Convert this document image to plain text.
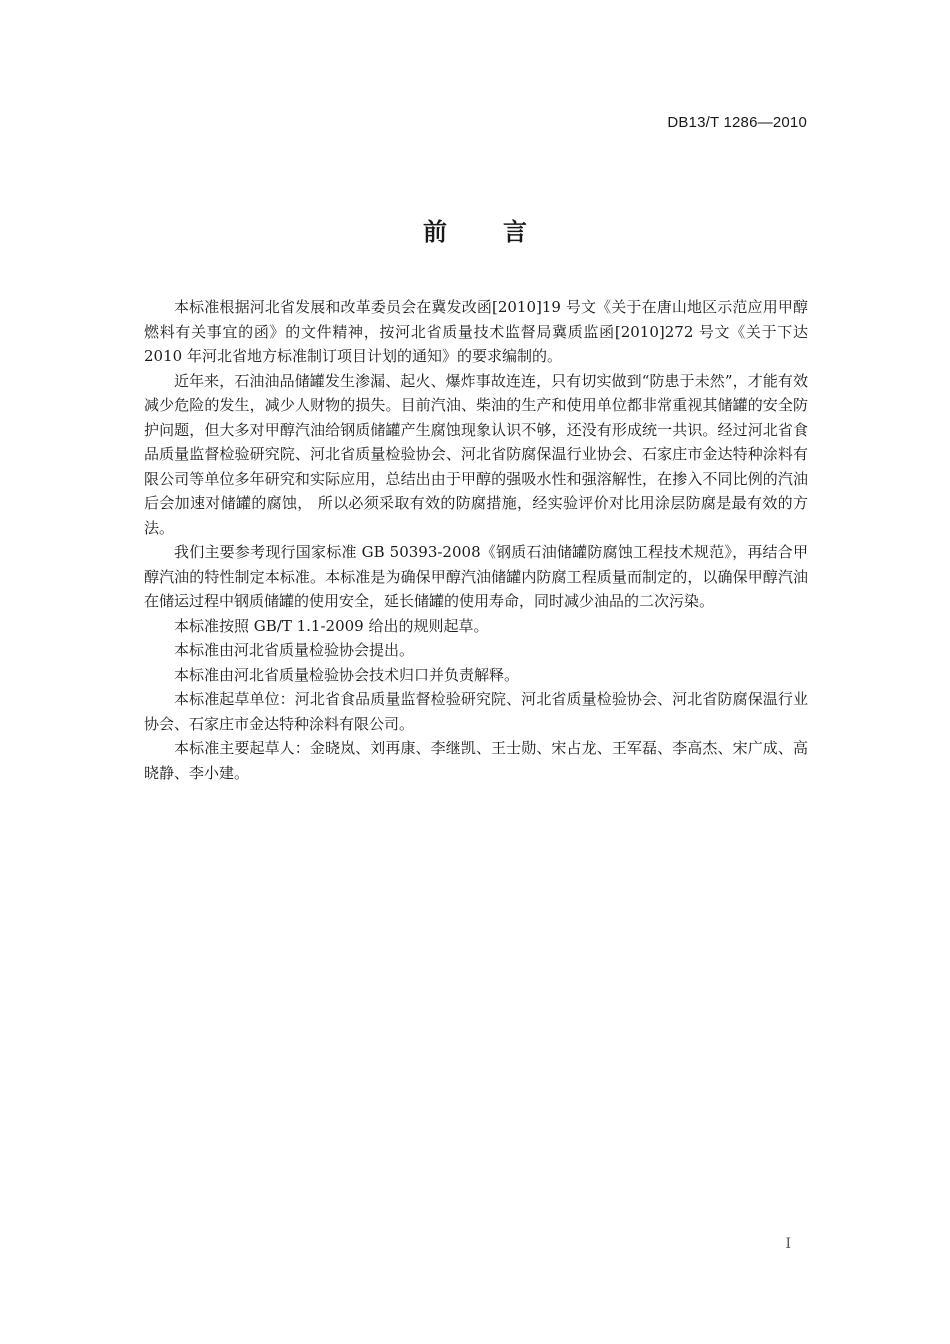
DB13/T 1286—2010
前言

本标准根据河北省发展和改革委员会在冀发改函[2010]19 号文《关于在唐山地区示范应用甲醇燃料有关事宜的函》的文件精神，按河北省质量技术监督局冀质监函[2010]272 号文《关于下达 2010 年河北省地方标准制订项目计划的通知》的要求编制的。

近年来，石油油品储罐发生渗漏、起火、爆炸事故连连，只有切实做到“防患于未然”，才能有效减少危险的发生，减少人财物的损失。目前汽油、柴油的生产和使用单位都非常重视其储罐的安全防护问题，但大多对甲醇汽油给钢质储罐产生腐蚀现象认识不够，还没有形成统一共识。经过河北省食品质量监督检验研究院、河北省质量检验协会、河北省防腐保温行业协会、石家庄市金达特种涂料有限公司等单位多年研究和实际应用，总结出由于甲醇的强吸水性和强溶解性，在掺入不同比例的汽油后会加速对储罐的腐蚀， 所以必须采取有效的防腐措施，经实验评价对比用涂层防腐是最有效的方法。

我们主要参考现行国家标准 GB 50393-2008《钢质石油储罐防腐蚀工程技术规范》，再结合甲醇汽油的特性制定本标准。本标准是为确保甲醇汽油储罐内防腐工程质量而制定的，以确保甲醇汽油在储运过程中钢质储罐的使用安全，延长储罐的使用寿命，同时减少油品的二次污染。

本标准按照 GB/T 1.1-2009 给出的规则起草。

本标准由河北省质量检验协会提出。

本标准由河北省质量检验协会技术归口并负责解释。

本标准起草单位：河北省食品质量监督检验研究院、河北省质量检验协会、河北省防腐保温行业协会、石家庄市金达特种涂料有限公司。

本标准主要起草人：金晓岚、刘再康、李继凯、王士勋、宋占龙、王军磊、李高杰、宋广成、高晓静、李小建。

I
